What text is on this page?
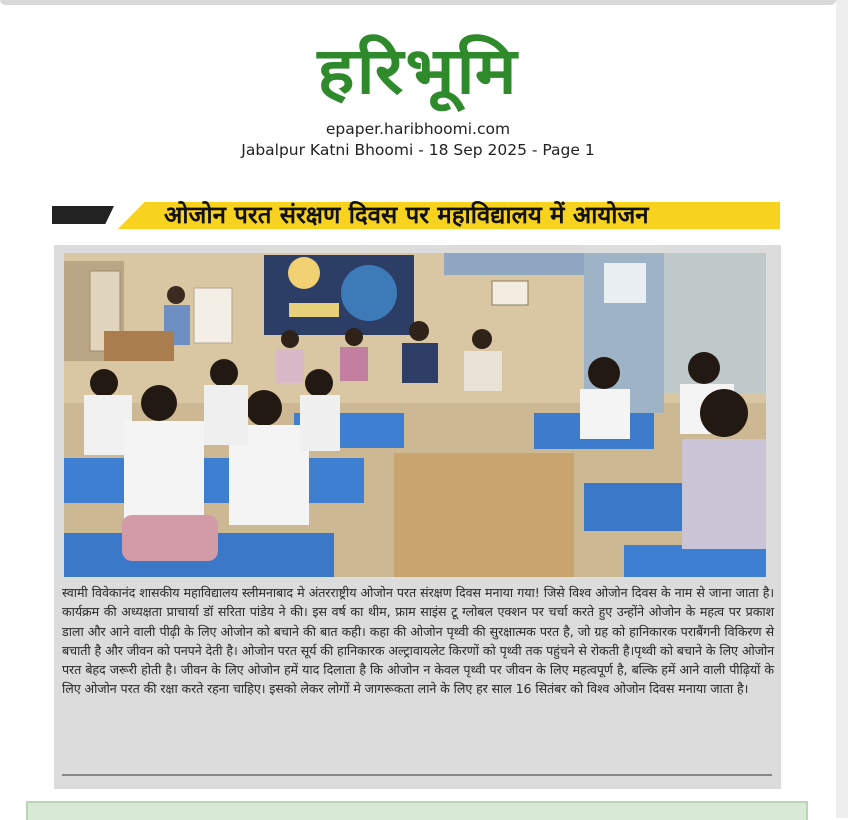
हरिभूमि
epaper.haribhoomi.com
Jabalpur Katni Bhoomi - 18 Sep 2025 - Page 1
ओजोन परत संरक्षण दिवस पर महाविद्यालय में आयोजन
स्वामी विवेकानंद शासकीय महाविद्यालय स्लीमनाबाद मे अंतरराष्ट्रीय ओजोन परत संरक्षण दिवस मनाया गया! जिसे विश्व ओजोन दिवस के नाम से जाना जाता है। कार्यक्रम की अध्यक्षता प्राचार्या डॉ सरिता पांडेय ने की। इस वर्ष का थीम, फ्राम साइंस टू ग्लोबल एक्शन पर चर्चा करते हुए उन्होंने ओजोन के महत्व पर प्रकाश डाला और आने वाली पीढ़ी के लिए ओजोन को बचाने की बात कही। कहा की ओजोन पृथ्वी की सुरक्षात्मक परत है, जो ग्रह को हानिकारक पराबैंगनी विकिरण से बचाती है और जीवन को पनपने देती है। ओजोन परत सूर्य की हानिकारक अल्ट्रावायलेट किरणों को पृथ्वी तक पहुंचने से रोकती है।पृथ्वी को बचाने के लिए ओजोन परत बेहद जरूरी होती है। जीवन के लिए ओजोन हमें याद दिलाता है कि ओजोन न केवल पृथ्वी पर जीवन के लिए महत्वपूर्ण है, बल्कि हमें आने वाली पीढ़ियों के लिए ओजोन परत की रक्षा करते रहना चाहिए। इसको लेकर लोगों मे जागरूकता लाने के लिए हर साल 16 सितंबर को विश्व ओजोन दिवस मनाया जाता है।
